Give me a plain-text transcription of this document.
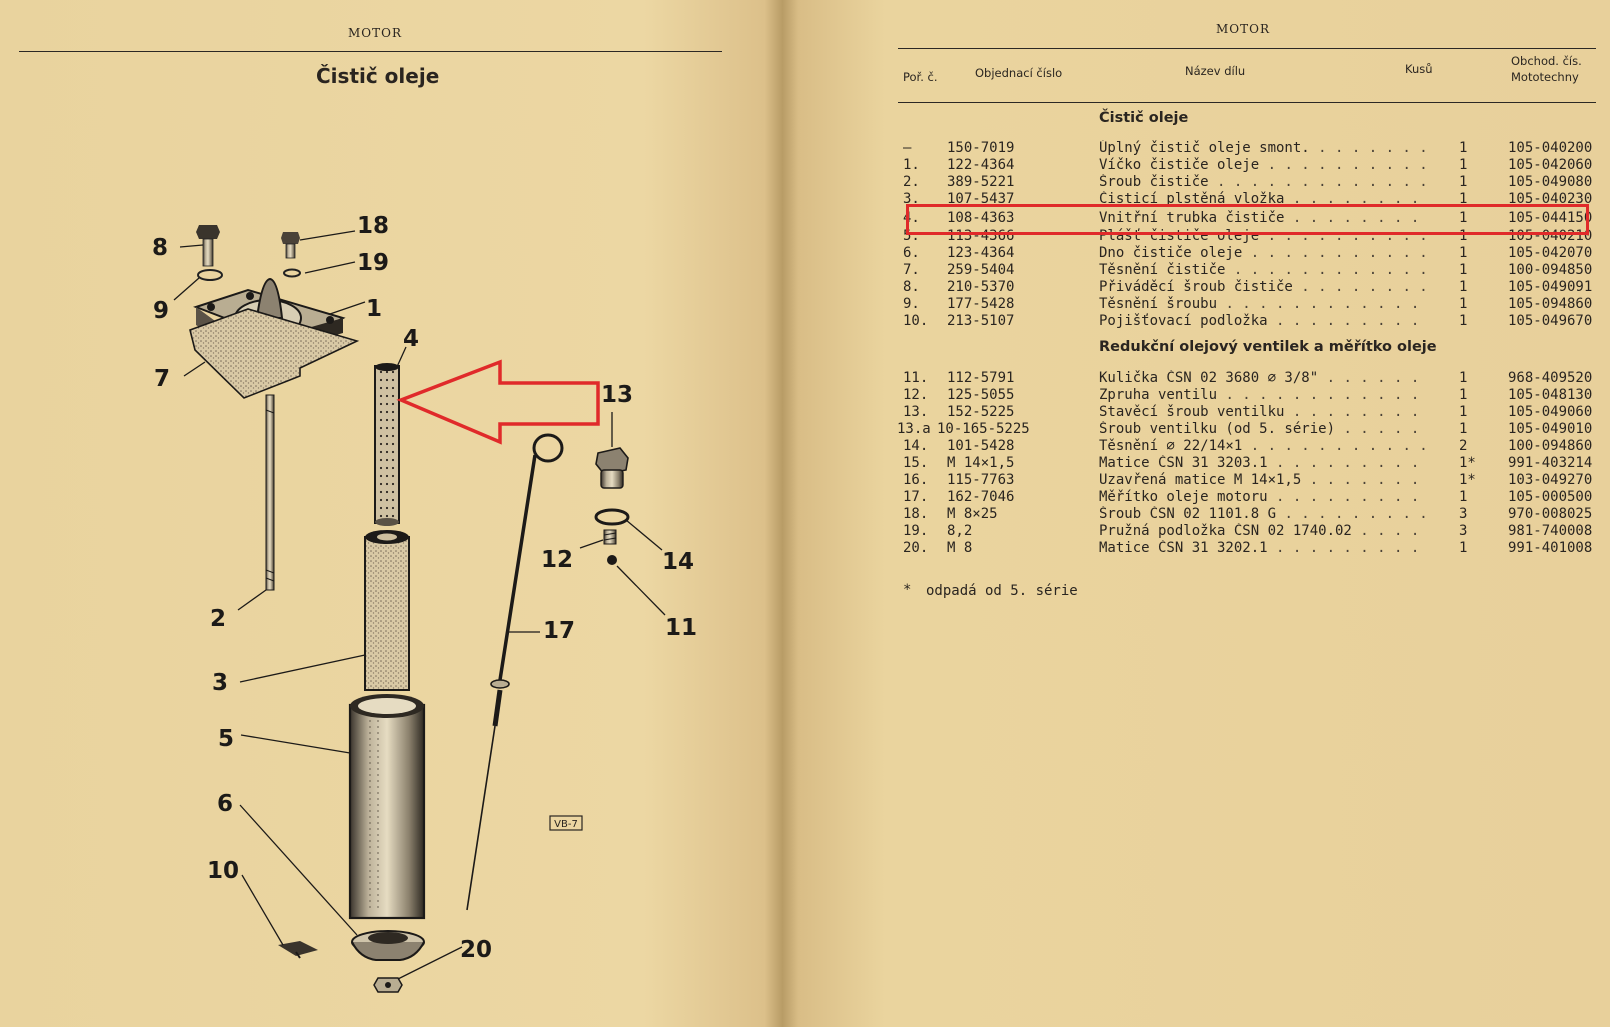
MOTOR
Čistič oleje
8
18
19
9	1
7
4
13
2
12	14
11
17
3
5
6
10
20
VB-7
MOTOR
Poř. č.	Objednací číslo	Název dílu	Kusů
Obchod. čís.
Mototechny
Čistič oleje
—	150-7019	Úplný čistič oleje smont. . .	1	105-040200
1. 122-4364	Víčko čističe oleje . .	1	105-042060
2. 389-5221	Šroub čističe . .	1	105-049080
3. 107-5437	Čisticí plstěná vložka . .	1	105-040230
4. 108-4363	Vnitřní trubka čističe . .	1	105-044150
5. 113-4366	Plášť čističe oleje . .	1	105-040210
6. 123-4364	Dno čističe oleje . .	1	105-042070
7. 259-5404	Těsnění čističe . .	1	100-094850
8. 210-5370	Přiváděcí šroub čističe . .	1	105-049091
9. 177-5428	Těsnění šroubu . .	1	105-094860
10. 213-5107	Pojišťovací podložka . .	1	105-049670
Redukční olejový ventilek a měřítko oleje
11. 112-5791	Kulička ČSN 02 3680 ⌀ 3/8" . .	1	968-409520
12. 125-5055	Zpruha ventilu . .	1	105-048130
13. 152-5225	Stavěcí šroub ventilku . .	1	105-049060
13.a 10-165-5225	Šroub ventilku (od 5. série) . .	1	105-049010
14. 101-5428	Těsnění ⌀ 22/14×1 . .	2	100-094860
15. M 14×1,5	Matice ČSN 31 3203.1 . .	1*	991-403214
16. 115-7763	Uzavřená matice M 14×1,5 . .	1*	103-049270
17. 162-7046	Měřítko oleje motoru . .	1	105-000500
18. M 8×25	Šroub ČSN 02 1101.8 G . .	3	970-008025
19. 8,2	Pružná podložka ČSN 02 1740.02 . .	3	981-740008
20. M 8	Matice ČSN 31 3202.1 . .	1	991-401008
* odpadá od 5. série
